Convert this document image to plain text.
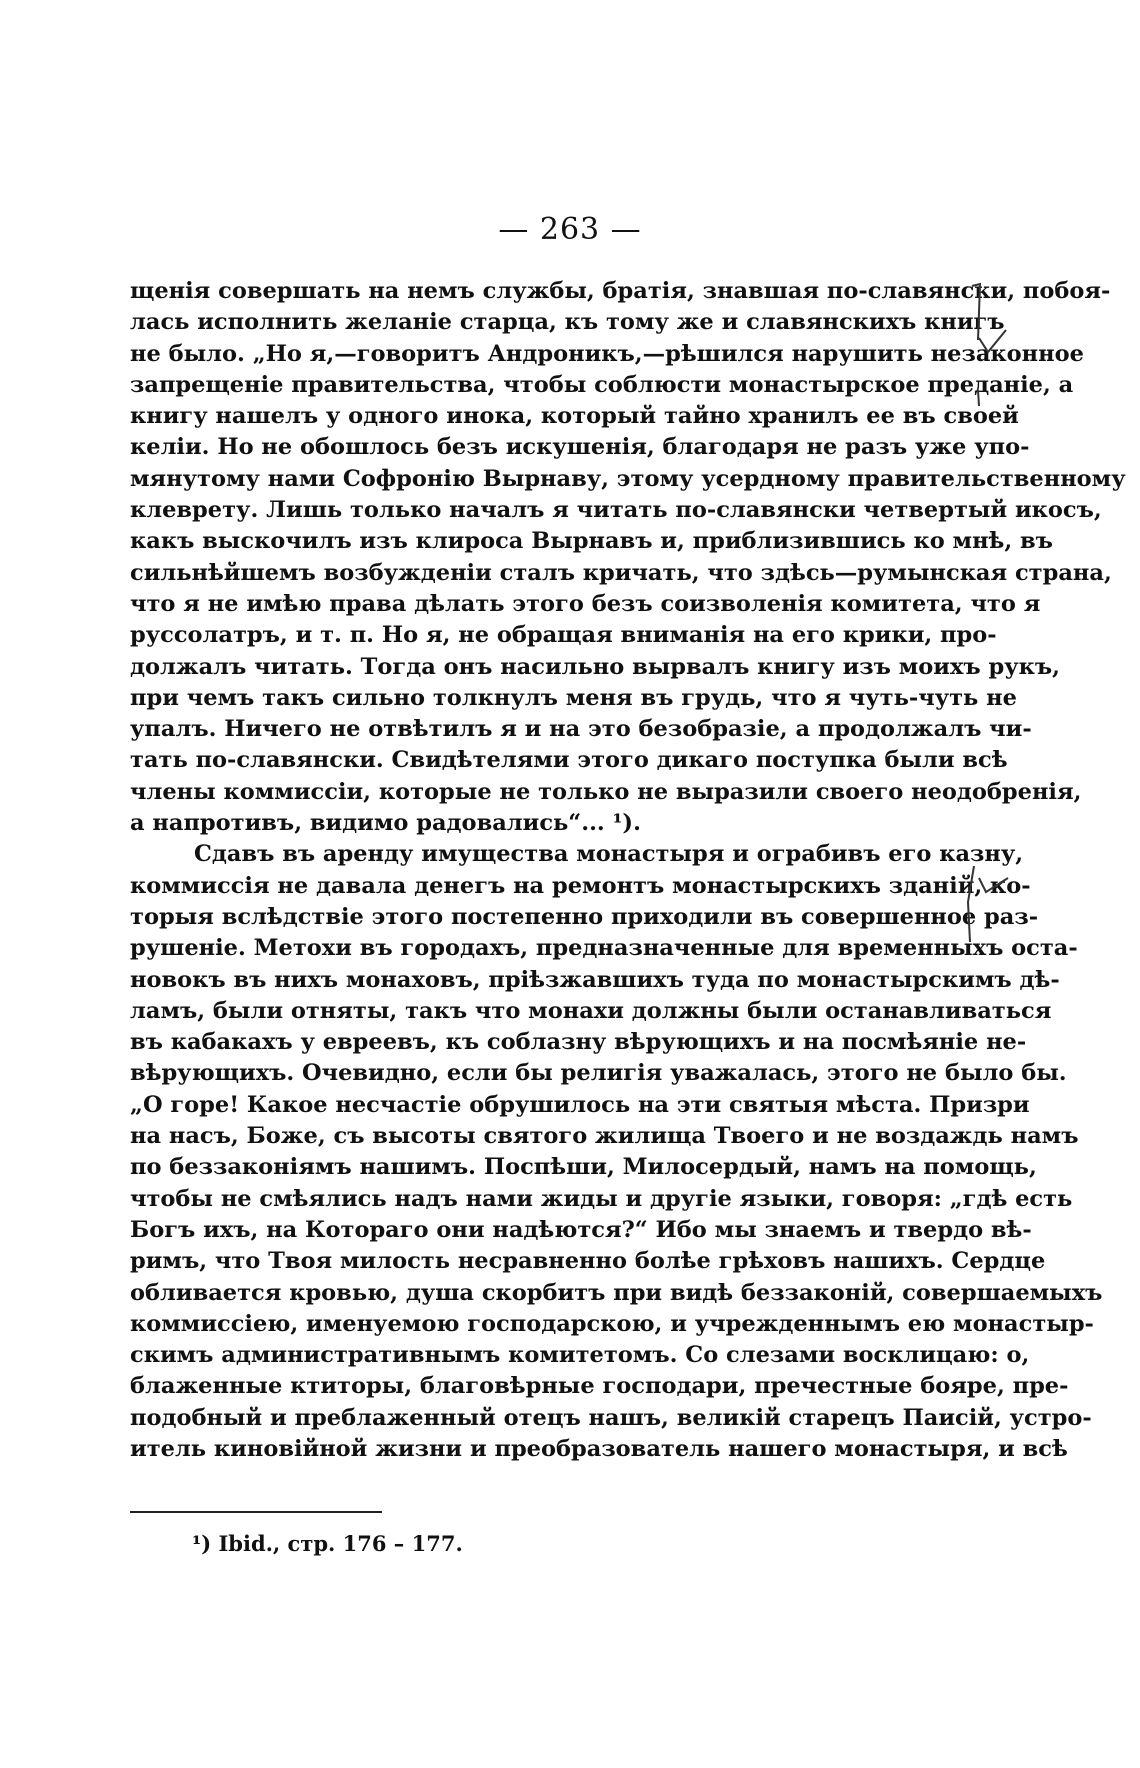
— 263 —
щенія совершать на немъ службы, братія, знавшая по-славянски, побоя-
лась исполнить желаніе старца, къ тому же и славянскихъ книгъ
не было. „Но я,—говоритъ Андроникъ,—рѣшился нарушить незаконное
запрещеніе правительства, чтобы соблюсти монастырское преданіе, а
книгу нашелъ у одного инока, который тайно хранилъ ее въ своей
келіи. Но не обошлось безъ искушенія, благодаря не разъ уже упо-
мянутому нами Софронію Вырнаву, этому усердному правительственному
клеврету. Лишь только началъ я читать по-славянски четвертый икосъ,
какъ выскочилъ изъ клироса Вырнавъ и, приблизившись ко мнѣ, въ
сильнѣйшемъ возбужденіи сталъ кричать, что здѣсь—румынская страна,
что я не имѣю права дѣлать этого безъ соизволенія комитета, что я
руссолатръ, и т. п. Но я, не обращая вниманія на его крики, про-
должалъ читать. Тогда онъ насильно вырвалъ книгу изъ моихъ рукъ,
при чемъ такъ сильно толкнулъ меня въ грудь, что я чуть-чуть не
упалъ. Ничего не отвѣтилъ я и на это безобразіе, а продолжалъ чи-
тать по-славянски. Свидѣтелями этого дикаго поступка были всѣ
члены коммиссіи, которые не только не выразили своего неодобренія,
а напротивъ, видимо радовались“... ¹).
Сдавъ въ аренду имущества монастыря и ограбивъ его казну,
коммиссія не давала денегъ на ремонтъ монастырскихъ зданій, ко-
торыя вслѣдствіе этого постепенно приходили въ совершенное раз-
рушеніе. Метохи въ городахъ, предназначенные для временныхъ оста-
новокъ въ нихъ монаховъ, пріѣзжавшихъ туда по монастырскимъ дѣ-
ламъ, были отняты, такъ что монахи должны были останавливаться
въ кабакахъ у евреевъ, къ соблазну вѣрующихъ и на посмѣяніе не-
вѣрующихъ. Очевидно, если бы религія уважалась, этого не было бы.
„О горе! Какое несчастіе обрушилось на эти святыя мѣста. Призри
на насъ, Боже, съ высоты святого жилища Твоего и не воздаждь намъ
по беззаконіямъ нашимъ. Поспѣши, Милосердый, намъ на помощь,
чтобы не смѣялись надъ нами жиды и другіе языки, говоря: „гдѣ есть
Богъ ихъ, на Котораго они надѣются?“ Ибо мы знаемъ и твердо вѣ-
римъ, что Твоя милость несравненно болѣе грѣховъ нашихъ. Сердце
обливается кровью, душа скорбитъ при видѣ беззаконій, совершаемыхъ
коммиссіею, именуемою господарскою, и учрежденнымъ ею монастыр-
скимъ административнымъ комитетомъ. Со слезами восклицаю: о,
блаженные ктиторы, благовѣрные господари, пречестные бояре, пре-
подобный и преблаженный отецъ нашъ, великій старецъ Паисій, устро-
итель киновійной жизни и преобразователь нашего монастыря, и всѣ
¹) Ibid., стр. 176 – 177.
